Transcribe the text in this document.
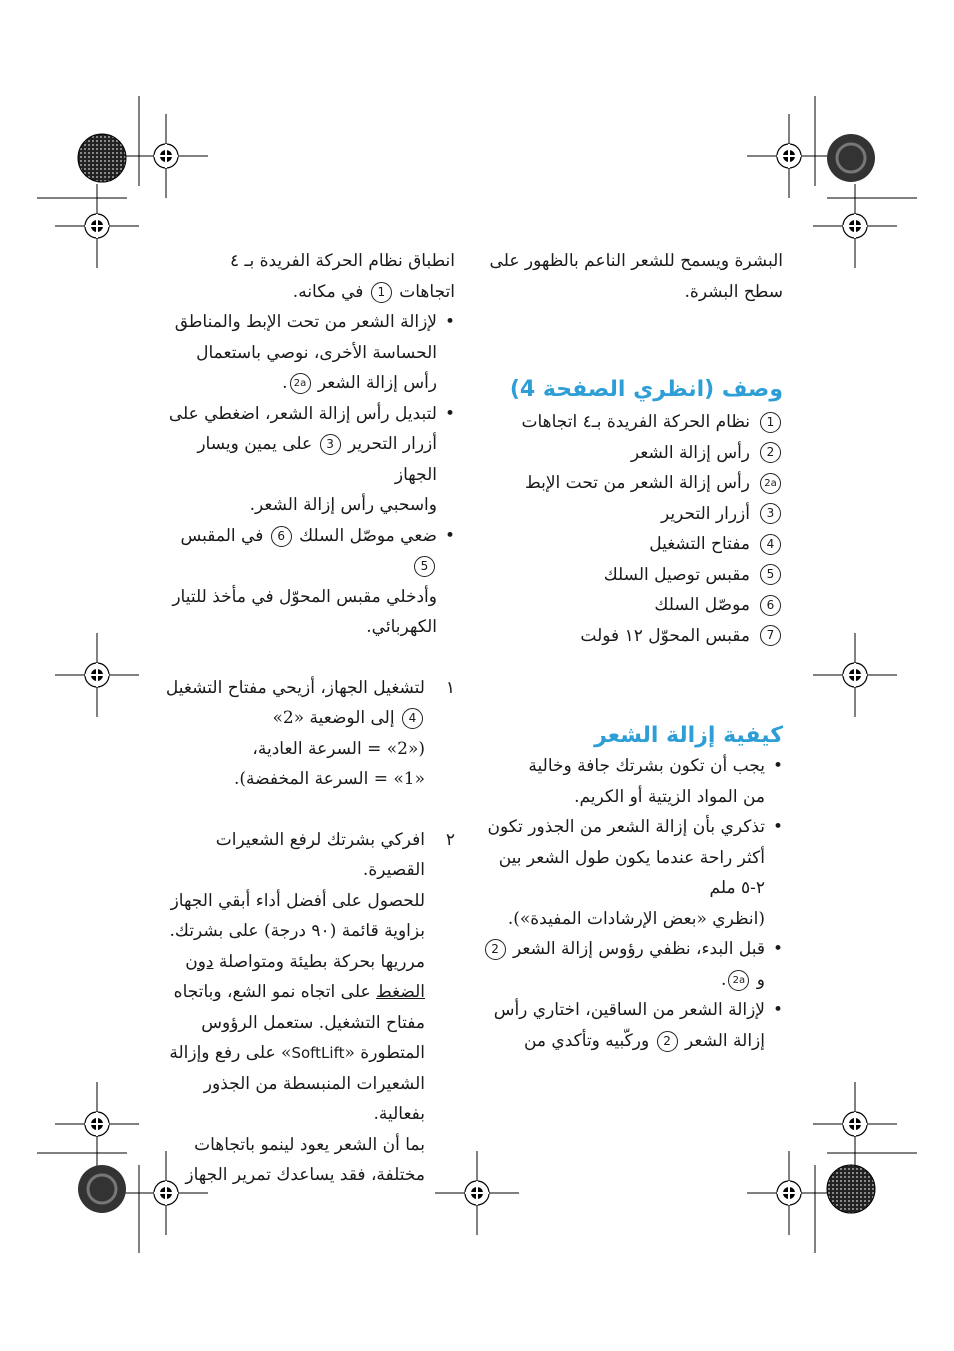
البشرة ويسمح للشعر الناعم بالظهور على

سطح البشرة.

وصف (انظري الصفحة 4)
1
نظام الحركة الفريدة بـ٤ اتجاهات
2
رأس إزالة الشعر
2a
رأس إزالة الشعر من تحت الإبط
3
أزرار التحرير
4
مفتاح التشغيل
5
مقبس توصيل السلك
6
موصّل السلك
7
مقبس المحوّل ١٢ فولت
كيفية إزالة الشعر

• يجب أن تكون بشرتك جافة وخالية

من المواد الزيتية أو الكريم.

• تذكري بأن إزالة الشعر من الجذور تكون

أكثر راحة عندما يكون طول الشعر بين

٢-٥ ملم

(انظري «بعض الإرشادات المفيدة»).

• قبل البدء، نظفي رؤوس إزالة الشعر 2

و 2a.

• لإزالة الشعر من الساقين، اختاري رأس

إزالة الشعر 2 وركّبيه وتأكدي من

انطباق نظام الحركة الفريدة بـ ٤

اتجاهات 1 في مكانه.

• لإزالة الشعر من تحت الإبط والمناطق

الحساسة الأخرى، نوصي باستعمال

رأس إزالة الشعر 2a.

• لتبديل رأس إزالة الشعر، اضغطي على

أزرار التحرير 3 على يمين ويسار الجهاز

واسحبي رأس إزالة الشعر.

• ضعي موصّل السلك 6 في المقبس 5

وأدخلي مقبس المحوّل في مأخذ للتيار

الكهربائي.

١

لتشغيل الجهاز، أزيحي مفتاح التشغيل

4 إلى الوضعية «2»

(«2» = السرعة العادية،

«1» = السرعة المخفضة).

٢

افركي بشرتك لرفع الشعيرات القصيرة.

للحصول على أفضل أداء أبقي الجهاز

بزاوية قائمة (٩٠ درجة) على بشرتك.

مرريها بحركة بطيئة ومتواصلة دون

الضغط على اتجاه نمو الشع، وباتجاه

مفتاح التشغيل. ستعمل الرؤوس

المتطورة «SoftLift» على رفع وإزالة

الشعيرات المنبسطة من الجذور بفعالية.

بما أن الشعر يعود لينمو باتجاهات

مختلفة، فقد يساعدك تمرير الجهاز
